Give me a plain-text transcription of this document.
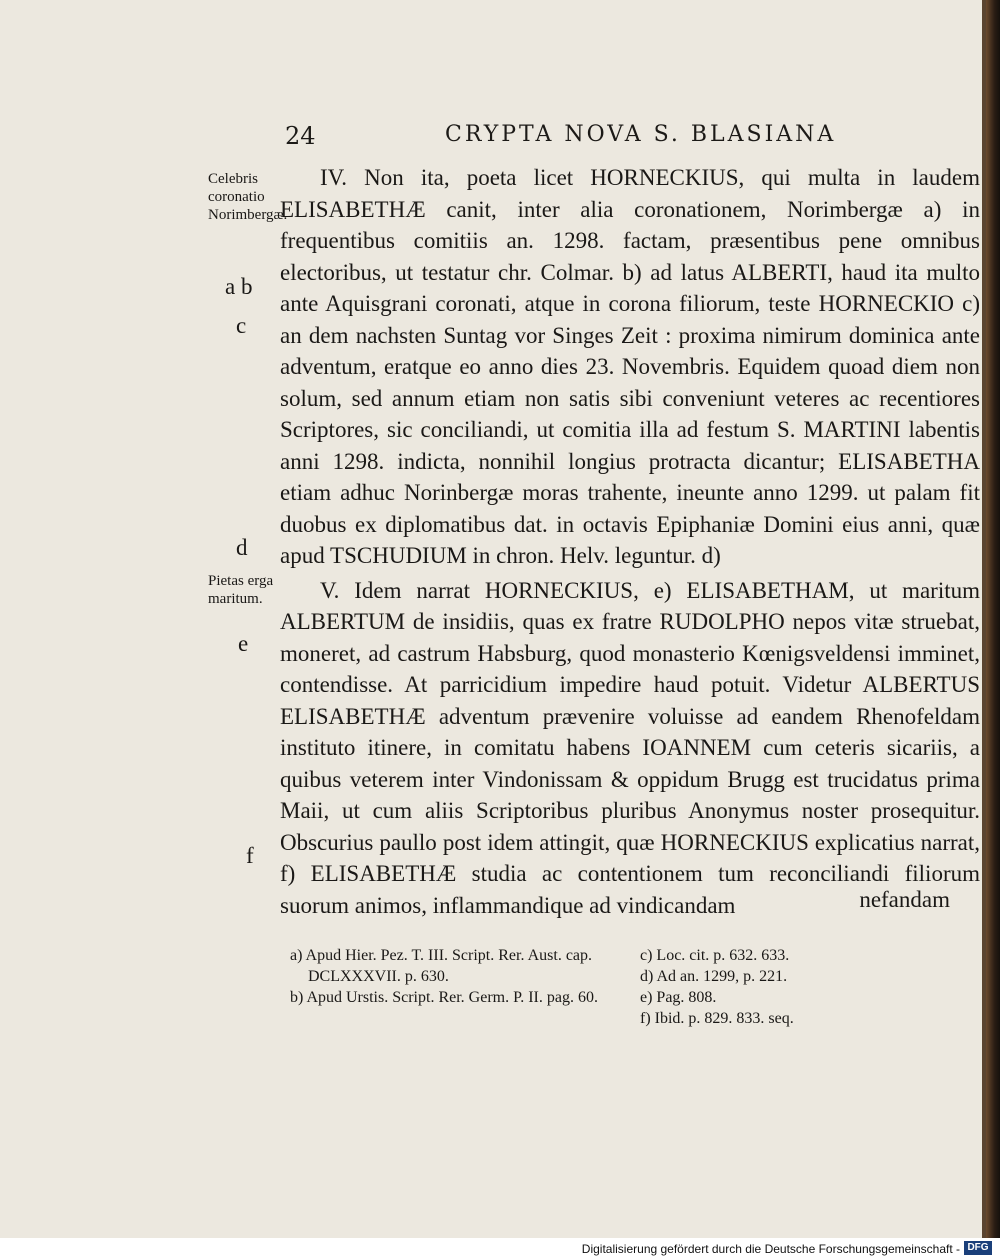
24	CRYPTA NOVA S. BLASIANA
Celebris coronatio Norimbergæ.
Pietas erga maritum.
a b
c
d
e
f

IV. Non ita, poeta licet HORNECKIUS, qui multa in laudem ELISABETHÆ canit, inter alia coronationem, Norimbergæ a) in frequentibus comitiis an. 1298. factam, præsentibus pene omnibus electoribus, ut testatur chr. Colmar. b) ad latus ALBERTI, haud ita multo ante Aquisgrani coronati, atque in corona filiorum, teste HORNECKIO c) an dem nachsten Suntag vor Singes Zeit : proxima nimirum dominica ante adventum, eratque eo anno dies 23. Novembris. Equidem quoad diem non solum, sed annum etiam non satis sibi conveniunt veteres ac recentiores Scriptores, sic conciliandi, ut comitia illa ad festum S. MARTINI labentis anni 1298. indicta, nonnihil longius protracta dicantur; ELISABETHA etiam adhuc Norinbergæ moras trahente, ineunte anno 1299. ut palam fit duobus ex diplomatibus dat. in octavis Epiphaniæ Domini eius anni, quæ apud TSCHUDIUM in chron. Helv. leguntur. d)

V. Idem narrat HORNECKIUS, e) ELISABETHAM, ut maritum ALBERTUM de insidiis, quas ex fratre RUDOLPHO nepos vitæ struebat, moneret, ad castrum Habsburg, quod monasterio Kœnigsveldensi imminet, contendisse. At parricidium impedire haud potuit. Videtur ALBERTUS ELISABETHÆ adventum prævenire voluisse ad eandem Rhenofeldam instituto itinere, in comitatu habens IOANNEM cum ceteris sicariis, a quibus veterem inter Vindonissam & oppidum Brugg est trucidatus prima Maii, ut cum aliis Scriptoribus pluribus Anonymus noster prosequitur. Obscurius paullo post idem attingit, quæ HORNECKIUS explicatius narrat, f) ELISABETHÆ studia ac contentionem tum reconciliandi filiorum suorum animos, inflammandique ad vindicandam	nefandam
a) Apud Hier. Pez. T. III. Script. Rer. Aust. cap. DCLXXXVII. p. 630.
b) Apud Urstis. Script. Rer. Germ. P. II. pag. 60.
c) Loc. cit. p. 632. 633.
d) Ad an. 1299, p. 221.
e) Pag. 808.
f) Ibid. p. 829. 833. seq.
Digitalisierung gefördert durch die Deutsche Forschungsgemeinschaft - DFG
